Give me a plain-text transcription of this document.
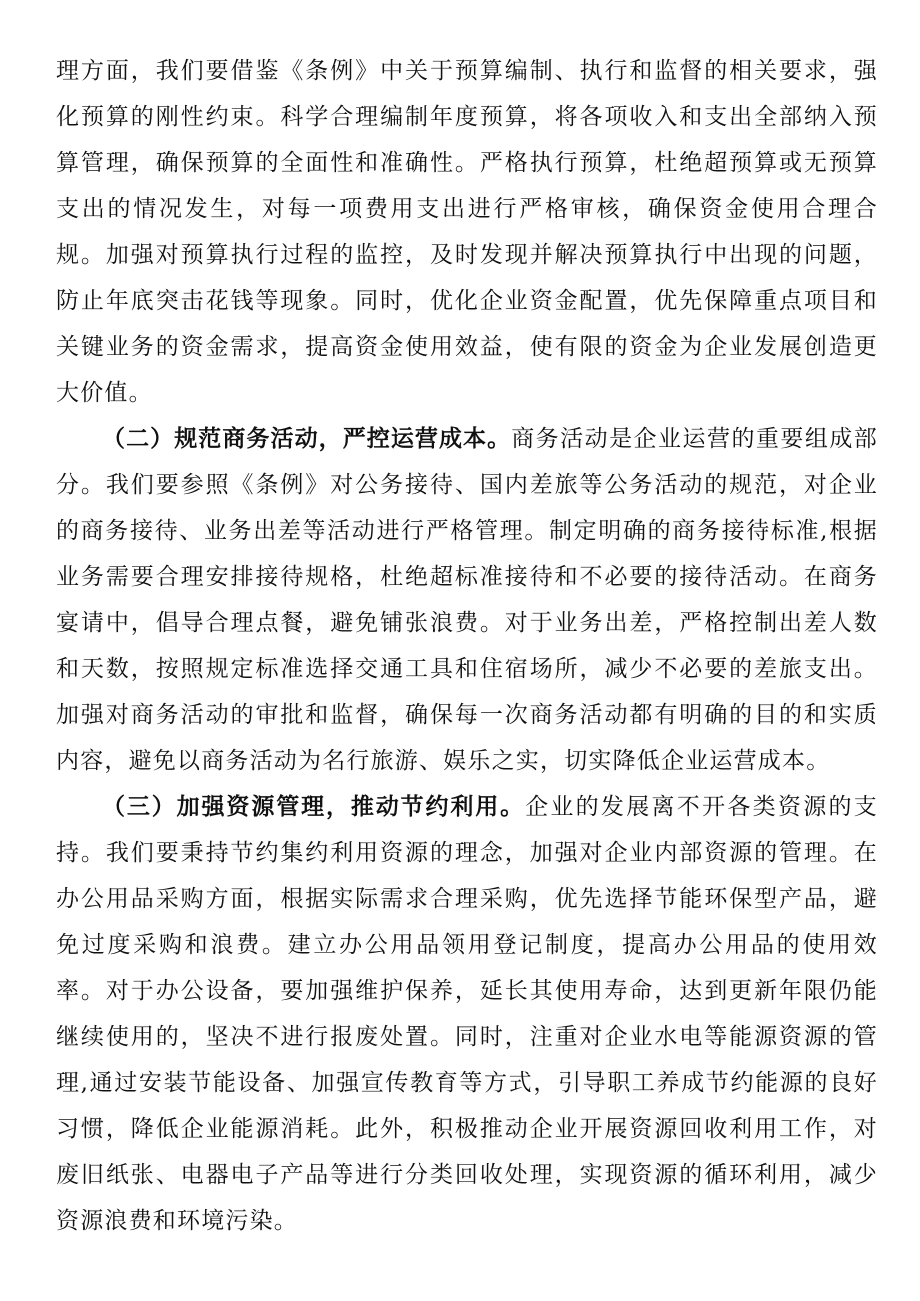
理方面，我们要借鉴《条例》中关于预算编制、执行和监督的相关要求，强化预算的刚性约束。科学合理编制年度预算，将各项收入和支出全部纳入预算管理，确保预算的全面性和准确性。严格执行预算，杜绝超预算或无预算支出的情况发生，对每一项费用支出进行严格审核，确保资金使用合理合规。加强对预算执行过程的监控，及时发现并解决预算执行中出现的问题，防止年底突击花钱等现象。同时，优化企业资金配置，优先保障重点项目和关键业务的资金需求，提高资金使用效益，使有限的资金为企业发展创造更大价值。

（二）规范商务活动，严控运营成本。商务活动是企业运营的重要组成部分。我们要参照《条例》对公务接待、国内差旅等公务活动的规范，对企业的商务接待、业务出差等活动进行严格管理。制定明确的商务接待标准,根据业务需要合理安排接待规格，杜绝超标准接待和不必要的接待活动。在商务宴请中，倡导合理点餐，避免铺张浪费。对于业务出差，严格控制出差人数和天数，按照规定标准选择交通工具和住宿场所，减少不必要的差旅支出。加强对商务活动的审批和监督，确保每一次商务活动都有明确的目的和实质内容，避免以商务活动为名行旅游、娱乐之实，切实降低企业运营成本。

（三）加强资源管理，推动节约利用。企业的发展离不开各类资源的支持。我们要秉持节约集约利用资源的理念，加强对企业内部资源的管理。在办公用品采购方面，根据实际需求合理采购，优先选择节能环保型产品，避免过度采购和浪费。建立办公用品领用登记制度，提高办公用品的使用效率。对于办公设备，要加强维护保养，延长其使用寿命，达到更新年限仍能继续使用的，坚决不进行报废处置。同时，注重对企业水电等能源资源的管理,通过安装节能设备、加强宣传教育等方式，引导职工养成节约能源的良好习惯，降低企业能源消耗。此外，积极推动企业开展资源回收利用工作，对废旧纸张、电器电子产品等进行分类回收处理，实现资源的循环利用，减少资源浪费和环境污染。
